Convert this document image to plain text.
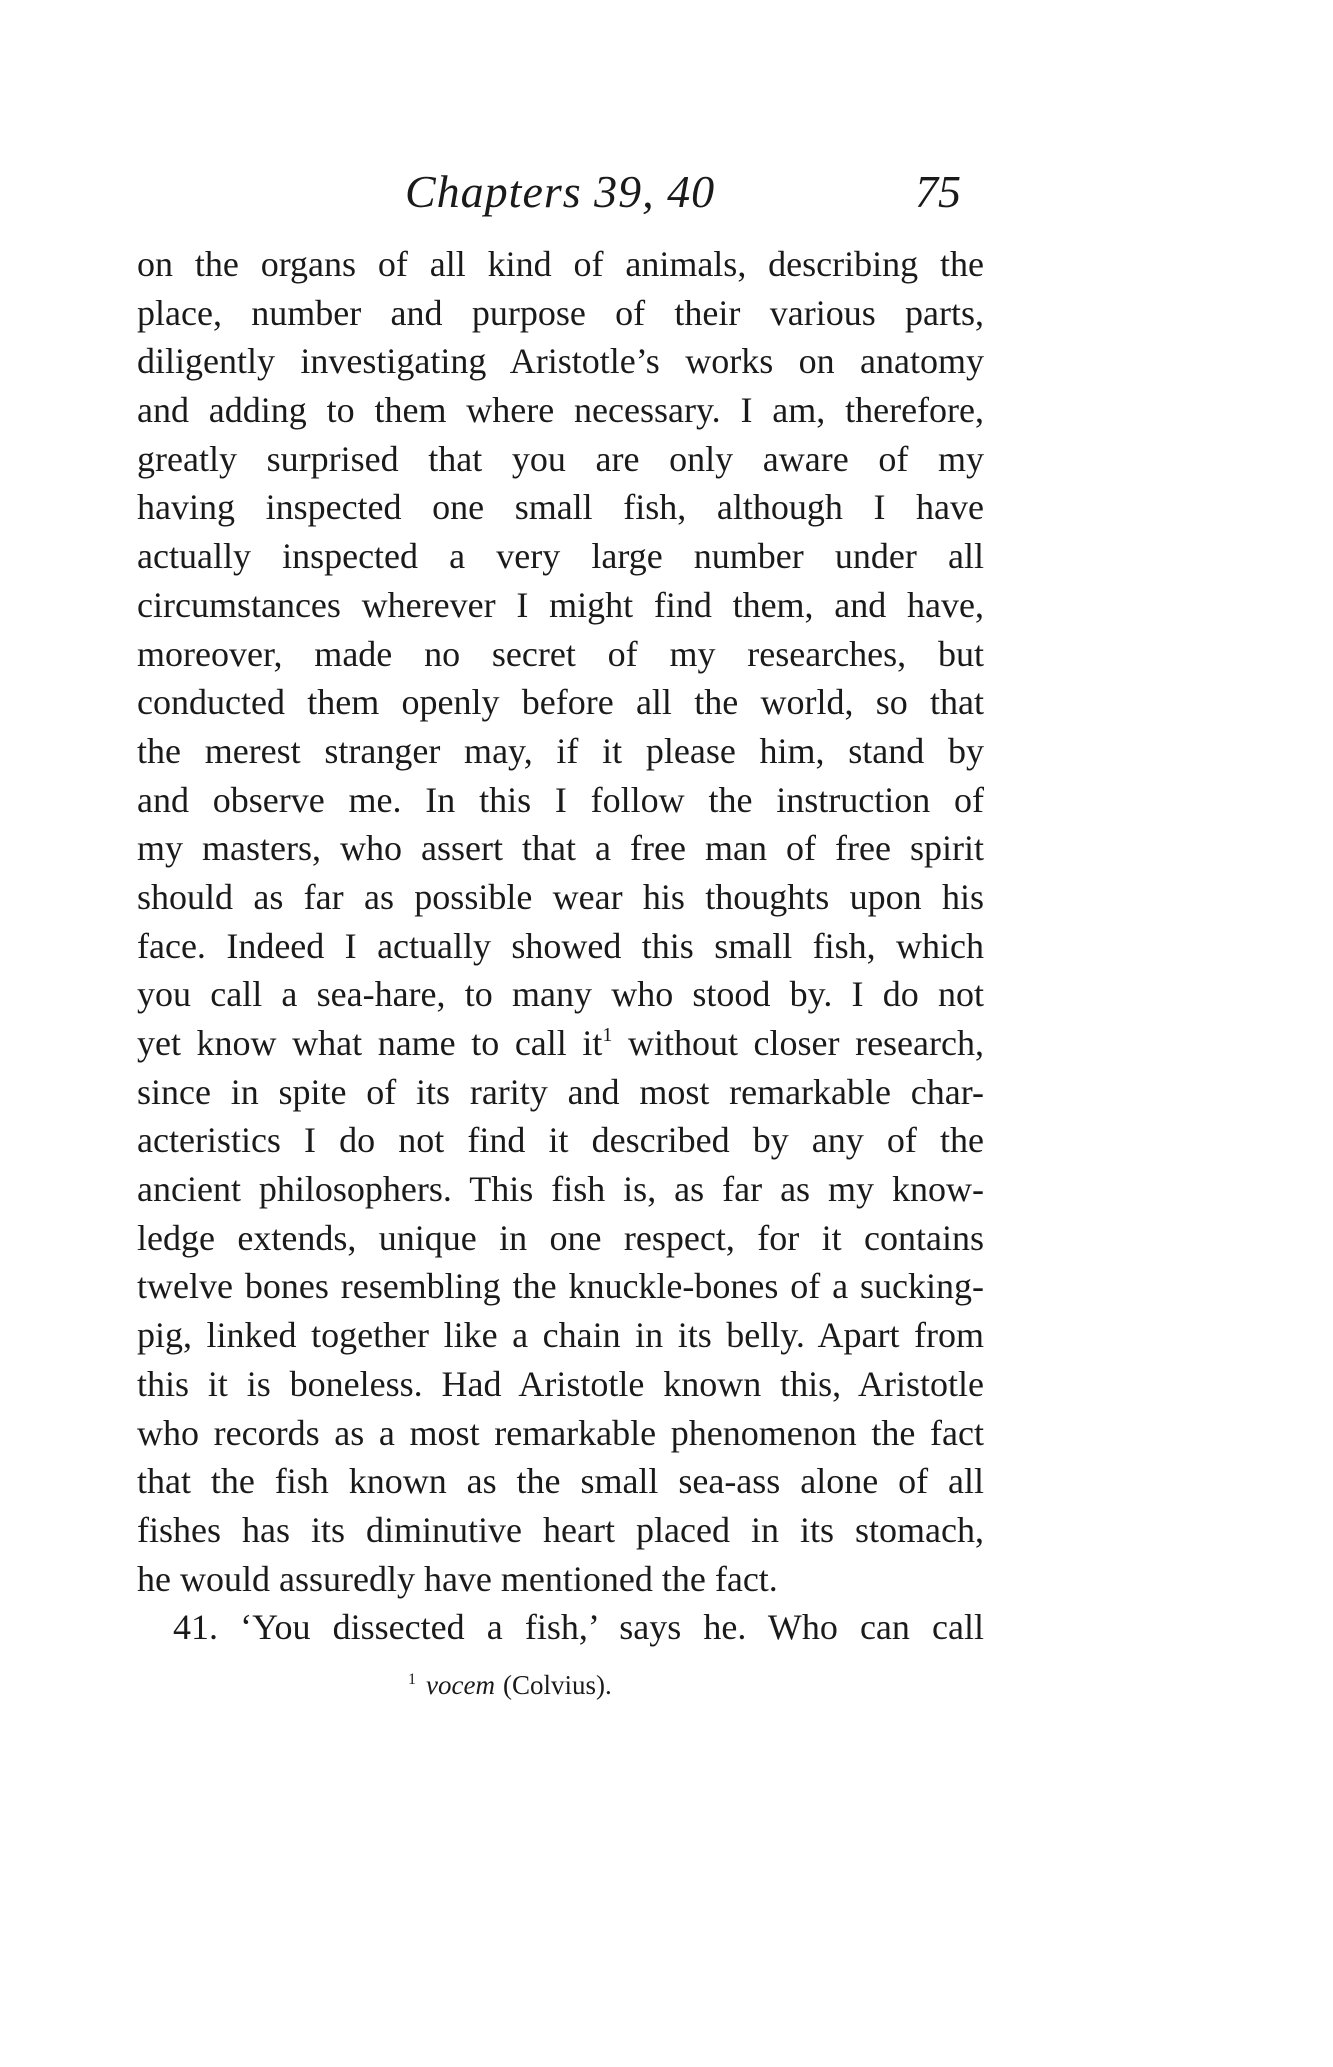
Chapters 39, 40	75
on the organs of all kind of animals, describing the
place, number and purpose of their various parts,
diligently investigating Aristotle’s works on anatomy
and adding to them where necessary. I am, therefore,
greatly surprised that you are only aware of my
having inspected one small fish, although I have
actually inspected a very large number under all
circumstances wherever I might find them, and have,
moreover, made no secret of my researches, but
conducted them openly before all the world, so that
the merest stranger may, if it please him, stand by
and observe me. In this I follow the instruction of
my masters, who assert that a free man of free spirit
should as far as possible wear his thoughts upon his
face. Indeed I actually showed this small fish, which
you call a sea-hare, to many who stood by. I do not
yet know what name to call $it^1$ without closer research,
since in spite of its rarity and most remarkable char-
acteristics I do not find it described by any of the
ancient philosophers. This fish is, as far as my know-
ledge extends, unique in one respect, for it contains
twelve bones resembling the knuckle-bones of a sucking-
pig, linked together like a chain in its belly. Apart from
this it is boneless. Had Aristotle known this, Aristotle
who records as a most remarkable phenomenon the fact
that the fish known as the small sea-ass alone of all
fishes has its diminutive heart placed in its stomach,
he would assuredly have mentioned the fact.
41. ‘You dissected a fish,’ says he. Who can call
$^1$ vocem (Colvius).
